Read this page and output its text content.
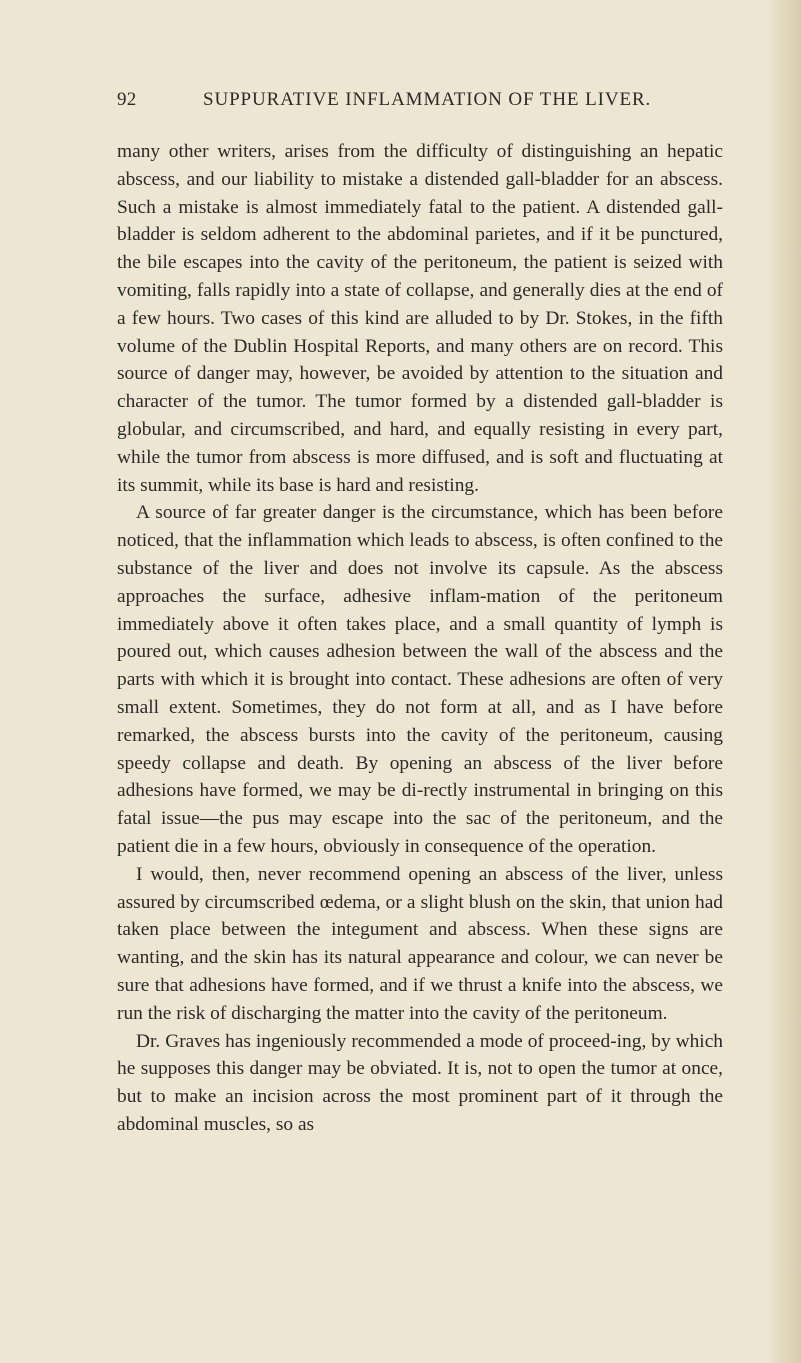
92	SUPPURATIVE INFLAMMATION OF THE LIVER.

many other writers, arises from the difficulty of distinguishing an hepatic abscess, and our liability to mistake a distended gall-bladder for an abscess. Such a mistake is almost immediately fatal to the patient. A distended gall-bladder is seldom adherent to the abdominal parietes, and if it be punctured, the bile escapes into the cavity of the peritoneum, the patient is seized with vomiting, falls rapidly into a state of collapse, and generally dies at the end of a few hours. Two cases of this kind are alluded to by Dr. Stokes, in the fifth volume of the Dublin Hospital Reports, and many others are on record. This source of danger may, however, be avoided by attention to the situation and character of the tumor. The tumor formed by a distended gall-bladder is globular, and circumscribed, and hard, and equally resisting in every part, while the tumor from abscess is more diffused, and is soft and fluctuating at its summit, while its base is hard and resisting.

A source of far greater danger is the circumstance, which has been before noticed, that the inflammation which leads to abscess, is often confined to the substance of the liver and does not involve its capsule. As the abscess approaches the surface, adhesive inflam-mation of the peritoneum immediately above it often takes place, and a small quantity of lymph is poured out, which causes adhesion between the wall of the abscess and the parts with which it is brought into contact. These adhesions are often of very small extent. Sometimes, they do not form at all, and as I have before remarked, the abscess bursts into the cavity of the peritoneum, causing speedy collapse and death. By opening an abscess of the liver before adhesions have formed, we may be di-rectly instrumental in bringing on this fatal issue—the pus may escape into the sac of the peritoneum, and the patient die in a few hours, obviously in consequence of the operation.

I would, then, never recommend opening an abscess of the liver, unless assured by circumscribed œdema, or a slight blush on the skin, that union had taken place between the integument and abscess. When these signs are wanting, and the skin has its natural appearance and colour, we can never be sure that adhesions have formed, and if we thrust a knife into the abscess, we run the risk of discharging the matter into the cavity of the peritoneum.

Dr. Graves has ingeniously recommended a mode of proceed-ing, by which he supposes this danger may be obviated. It is, not to open the tumor at once, but to make an incision across the most prominent part of it through the abdominal muscles, so as
